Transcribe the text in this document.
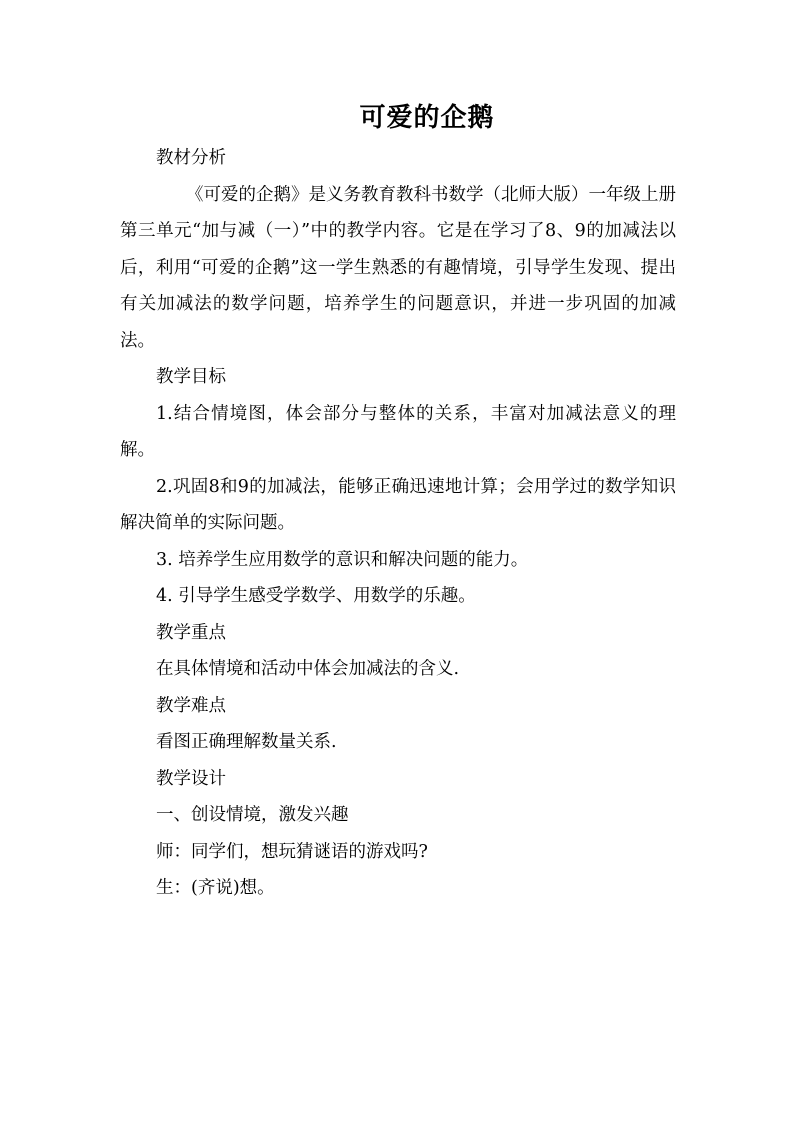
可爱的企鹅

教材分析

《可爱的企鹅》是义务教育教科书数学（北师大版）一年级上册第三单元“加与减（一）”中的教学内容。它是在学习了8、9的加减法以后，利用“可爱的企鹅”这一学生熟悉的有趣情境，引导学生发现、提出有关加减法的数学问题，培养学生的问题意识，并进一步巩固的加减法。

教学目标

1.结合情境图，体会部分与整体的关系，丰富对加减法意义的理解。

2.巩固8和9的加减法，能够正确迅速地计算；会用学过的数学知识解决简单的实际问题。

3. 培养学生应用数学的意识和解决问题的能力。

4. 引导学生感受学数学、用数学的乐趣。

教学重点

在具体情境和活动中体会加减法的含义.

教学难点

看图正确理解数量关系.

教学设计

一、创设情境，激发兴趣

师：同学们，想玩猜谜语的游戏吗?

生：(齐说)想。
